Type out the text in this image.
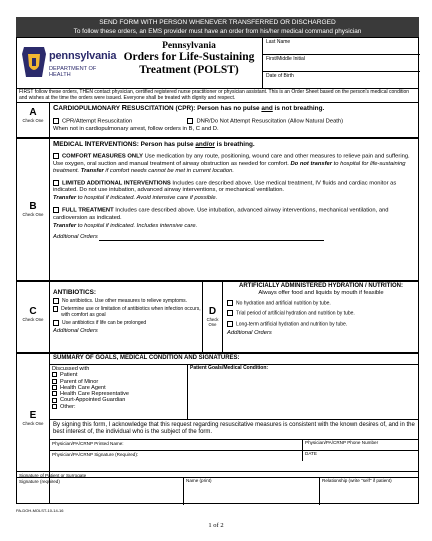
SEND FORM WITH PERSON WHENEVER TRANSFERRED OR DISCHARGED
To follow these orders, an EMS provider must have an order from his/her medical command physician
pennsylvania
DEPARTMENT OF HEALTH
Pennsylvania
Orders for Life-Sustaining
Treatment (POLST)
Last Name
First/Middle Initial
Date of Birth
FIRST follow these orders, THEN contact physician, certified registered nurse practitioner or physician assistant. This is an Order Sheet based on the person's medical condition and wishes at the time the orders were issued. Everyone shall be treated with dignity and respect.
A
Check One
CARDIOPULMONARY RESUSCITATION (CPR): Person has no pulse and is not breathing.
CPR/Attempt Resuscitation	DNR/Do Not Attempt Resuscitation (Allow Natural Death)
When not in cardiopulmonary arrest, follow orders in B, C and D.
B
Check One
MEDICAL INTERVENTIONS: Person has pulse and/or is breathing.
COMFORT MEASURES ONLY Use medication by any route, positioning, wound care and other measures to relieve pain and suffering. Use oxygen, oral suction and manual treatment of airway obstruction as needed for comfort. Do not transfer to hospital for life-sustaining treatment. Transfer if comfort needs cannot be met in current location.
LIMITED ADDITIONAL INTERVENTIONS Includes care described above. Use medical treatment, IV fluids and cardiac monitor as indicated. Do not use intubation, advanced airway interventions, or mechanical ventilation.
Transfer to hospital if indicated. Avoid intensive care if possible.
FULL TREATMENT Includes care described above. Use intubation, advanced airway interventions, mechanical ventilation, and cardioversion as indicated.
Transfer to hospital if indicated. Includes intensive care.
Additional Orders
C
Check One
ANTIBIOTICS:
No antibiotics. Use other measures to relieve symptoms.
Determine use or limitation of antibiotics when infection occurs, with comfort as goal
Use antibiotics if life can be prolonged
Additional Orders
D
Check One
ARTIFICIALLY ADMINISTERED HYDRATION / NUTRITION:
Always offer food and liquids by mouth if feasible
No hydration and artificial nutrition by tube.
Trial period of artificial hydration and nutrition by tube.
Long-term artificial hydration and nutrition by tube.
Additional Orders
E
Check One
SUMMARY OF GOALS, MEDICAL CONDITION AND SIGNATURES:
Discussed with
Patient
Parent of Minor
Health Care Agent
Health Care Representative
Court-Appointed Guardian
Other:
Patient Goals/Medical Condition:
By signing this form, I acknowledge that this request regarding resuscitative measures is consistent with the known desires of, and in the best interest of, the individual who is the subject of the form.
Physician/PA/CRNP Printed Name:	Physician/PA/CRNP Phone Number
Physician/PA/CRNP Signature (Required):	DATE
Signature of Patient or Surrogate
Signature (required)	Name (print)	Relationship (write "self" if patient)
PA-DOH-MOLST-10-14-16
1 of 2
